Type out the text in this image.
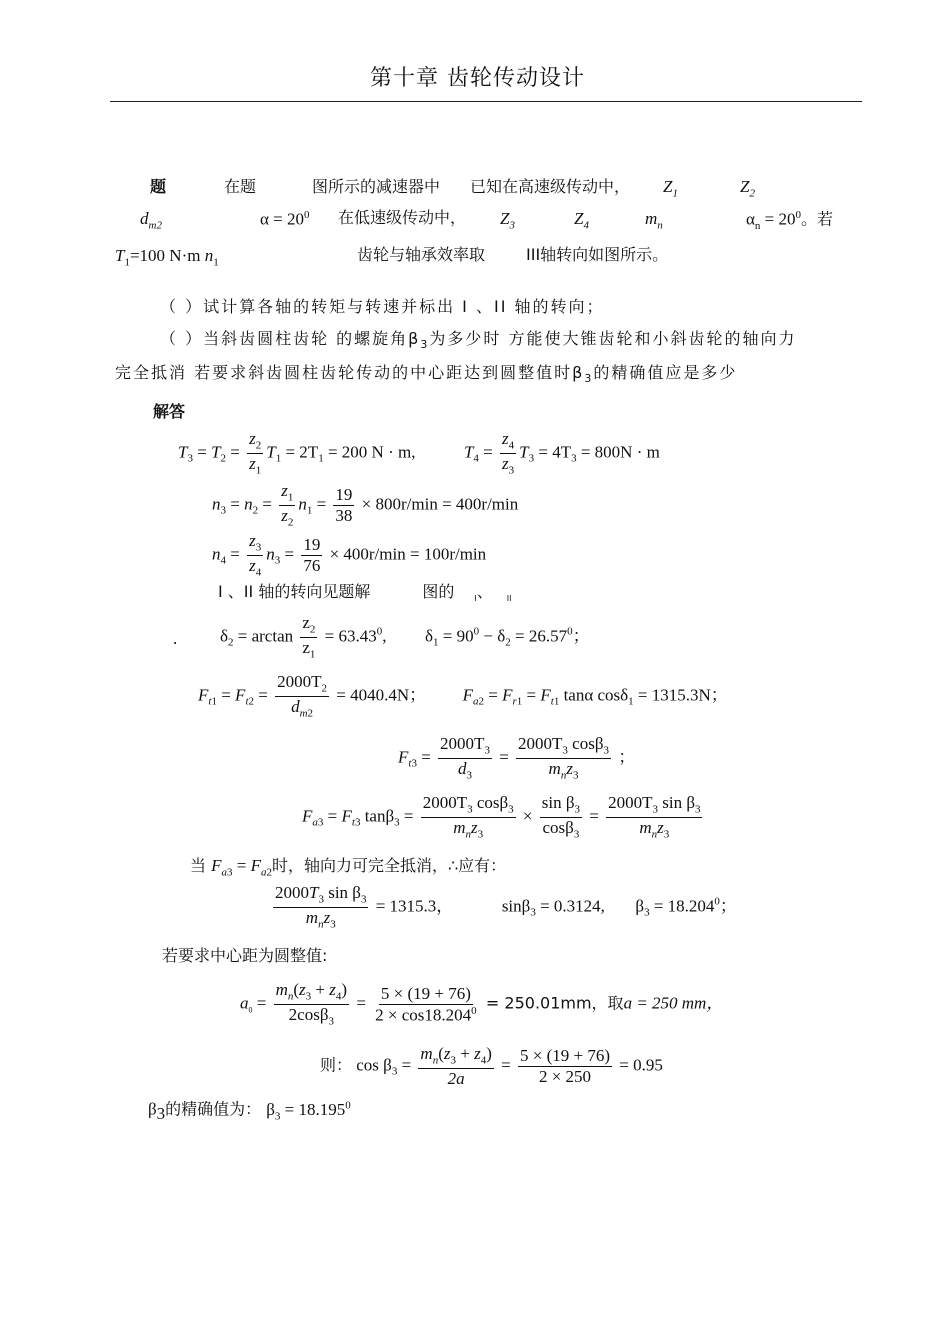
第十章 齿轮传动设计
题	在题	图所示的减速器中 已知在高速级传动中， $Z_1$	$Z_2$
$d_{m2}$	$\alpha = 20^0$ 在低速级传动中， $Z_3$	$Z_4$	$m_n$	$\alpha_n = 20^0$。若
$T_1=100$ N·m $n_1$	齿轮与轴承效率取	III轴转向如图所示。
（ ）试计算各轴的转矩与转速并标出 I 、II 轴的转向；
（ ）当斜齿圆柱齿轮 的螺旋角$\beta_3$为多少时 方能使大锥齿轮和小斜齿轮的轴向力
完全抵消 若要求斜齿圆柱齿轮传动的中心距达到圆整值时$\beta_3$的精确值应是多少
解答
$T_3 = T_2 = \frac{z_2}{z_1} T_1 = 2T_1 = 200$ N · m,	$T_4 = \frac{z_4}{z_3} T_3 = 4T_3 = 800N \cdot m$
$n_3 = n_2 = \frac{z_1}{z_2} n_1 = \frac{19}{38} \times 800r/\min = 400r/\min$
$n_4 = \frac{z_3}{z_4} n_3 = \frac{19}{76} \times 400r/\min = 100r/\min$
I 、II 轴的转向见题解	图的	$_I$、 $_{II}$
.	$\delta_2 = \arctan \frac{z_2}{z_1} = 63.43^0$,  $\delta_1 = 90^0 - \delta_2 = 26.57^0$；
$F_{t1} = F_{t2} = \frac{2000T_2}{d_{m2}} = 4040.4N$； $F_{a2} = F_{r1} = F_{t1}$ tanα cosδ$_1$ = 1315.3N；
$F_{t3} = \frac{2000T_3}{d_3} = \frac{2000T_3 \cos\beta_3}{m_nz_3}$ ；
$F_{a3} = F_{t3}$ $\tan\beta_3 = \frac{2000T_3 \cos\beta_3}{m_nz_3} \times \frac{\sin \beta_3}{\cos\beta_3} = \frac{2000T_3 \sin \beta_3}{m_nz_3}$
当 $F_{a3} = F_{a2}$时，轴向力可完全抵消，∴应有：
$\frac{2000T_3 \sin \beta_3}{m_nz_3} = 1315.3$，	sinβ$_3$ = 0.3124, $\beta_3 = 18.204^0$；
若要求中心距为圆整值:
$a_0 = \frac{m_n(z_3 + z_4)}{2\cos\beta_3} = \frac{5 \times (19 + 76)}{2 \times \cos 18.204^0} = 250.01mm$，取a = 250 mm，
则： $\cos \beta_3 = \frac{m_n(z_3 + z_4)}{2a} = \frac{5 \times (19 + 76)}{2 \times 250} = 0.95$
$\beta_3$的精确值为： $\beta_3 = 18.195^0$
